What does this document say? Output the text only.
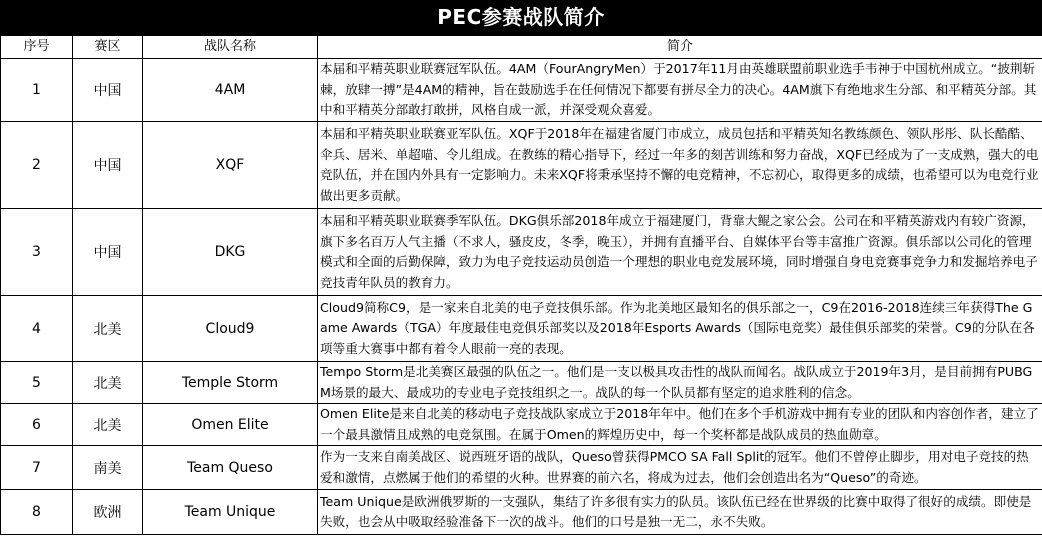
PEC参赛战队简介
序号	赛区	战队名称	简介
1	中国	4AM	本届和平精英职业联赛冠军队伍。4AM（FourAngryMen）于2017年11月由英雄联盟前职业选手韦神于中国杭州成立。“披荆斩棘，放肆一搏”是4AM的精神，旨在鼓励选手在任何情况下都要有拼尽全力的决心。4AM旗下有绝地求生分部、和平精英分部。其中和平精英分部敢打敢拼，风格自成一派，并深受观众喜爱。
2	中国	XQF	本届和平精英职业联赛亚军队伍。XQF于2018年在福建省厦门市成立，成员包括和平精英知名教练颜色、领队彤彤、队长酷酷、伞兵、居米、单超喵、令儿组成。在教练的精心指导下，经过一年多的刻苦训练和努力奋战，XQF已经成为了一支成熟，强大的电竞队伍，并在国内外具有一定影响力。未来XQF将秉承坚持不懈的电竞精神，不忘初心，取得更多的成绩，也希望可以为电竞行业做出更多贡献。
3	中国	DKG	本届和平精英职业联赛季军队伍。DKG俱乐部2018年成立于福建厦门，背靠大鲲之家公会。公司在和平精英游戏内有较广资源，旗下多名百万人气主播（不求人，骚皮皮，冬季，晚玉），并拥有直播平台、自媒体平台等丰富推广资源。俱乐部以公司化的管理模式和全面的后勤保障，致力为电子竞技运动员创造一个理想的职业电竞发展环境，同时增强自身电竞赛事竞争力和发掘培养电子竞技青年队员的教育力。
4	北美	Cloud9	Cloud9简称C9，是一家来自北美的电子竞技俱乐部。作为北美地区最知名的俱乐部之一，C9在2016-2018连续三年获得The Game Awards（TGA）年度最佳电竞俱乐部奖以及2018年Esports Awards（国际电竞奖）最佳俱乐部奖的荣誉。C9的分队在各项等重大赛事中都有着令人眼前一亮的表现。
5	北美	Temple Storm	Tempo Storm是北美赛区最强的队伍之一。他们是一支以极具攻击性的战队而闻名。战队成立于2019年3月，是目前拥有PUBGM场景的最大、最成功的专业电子竞技组织之一。战队的每一个队员都有坚定的追求胜利的信念。
6	北美	Omen Elite	Omen Elite是来自北美的移动电子竞技战队家成立于2018年年中。他们在多个手机游戏中拥有专业的团队和内容创作者，建立了一个最具激情且成熟的电竞氛围。在属于Omen的辉煌历史中，每一个奖杯都是战队成员的热血勋章。
7	南美	Team Queso	作为一支来自南美战区、说西班牙语的战队，Queso曾获得PMCO SA Fall Split的冠军。他们不曾停止脚步，用对电子竞技的热爱和激情，点燃属于他们的希望的火种。世界赛的前六名，将成为过去，他们会创造出名为“Queso”的奇迹。
8	欧洲	Team Unique	Team Unique是欧洲俄罗斯的一支强队，集结了许多很有实力的队员。该队伍已经在世界级的比赛中取得了很好的成绩。即使是失败，也会从中吸取经验准备下一次的战斗。他们的口号是独一无二，永不失败。
